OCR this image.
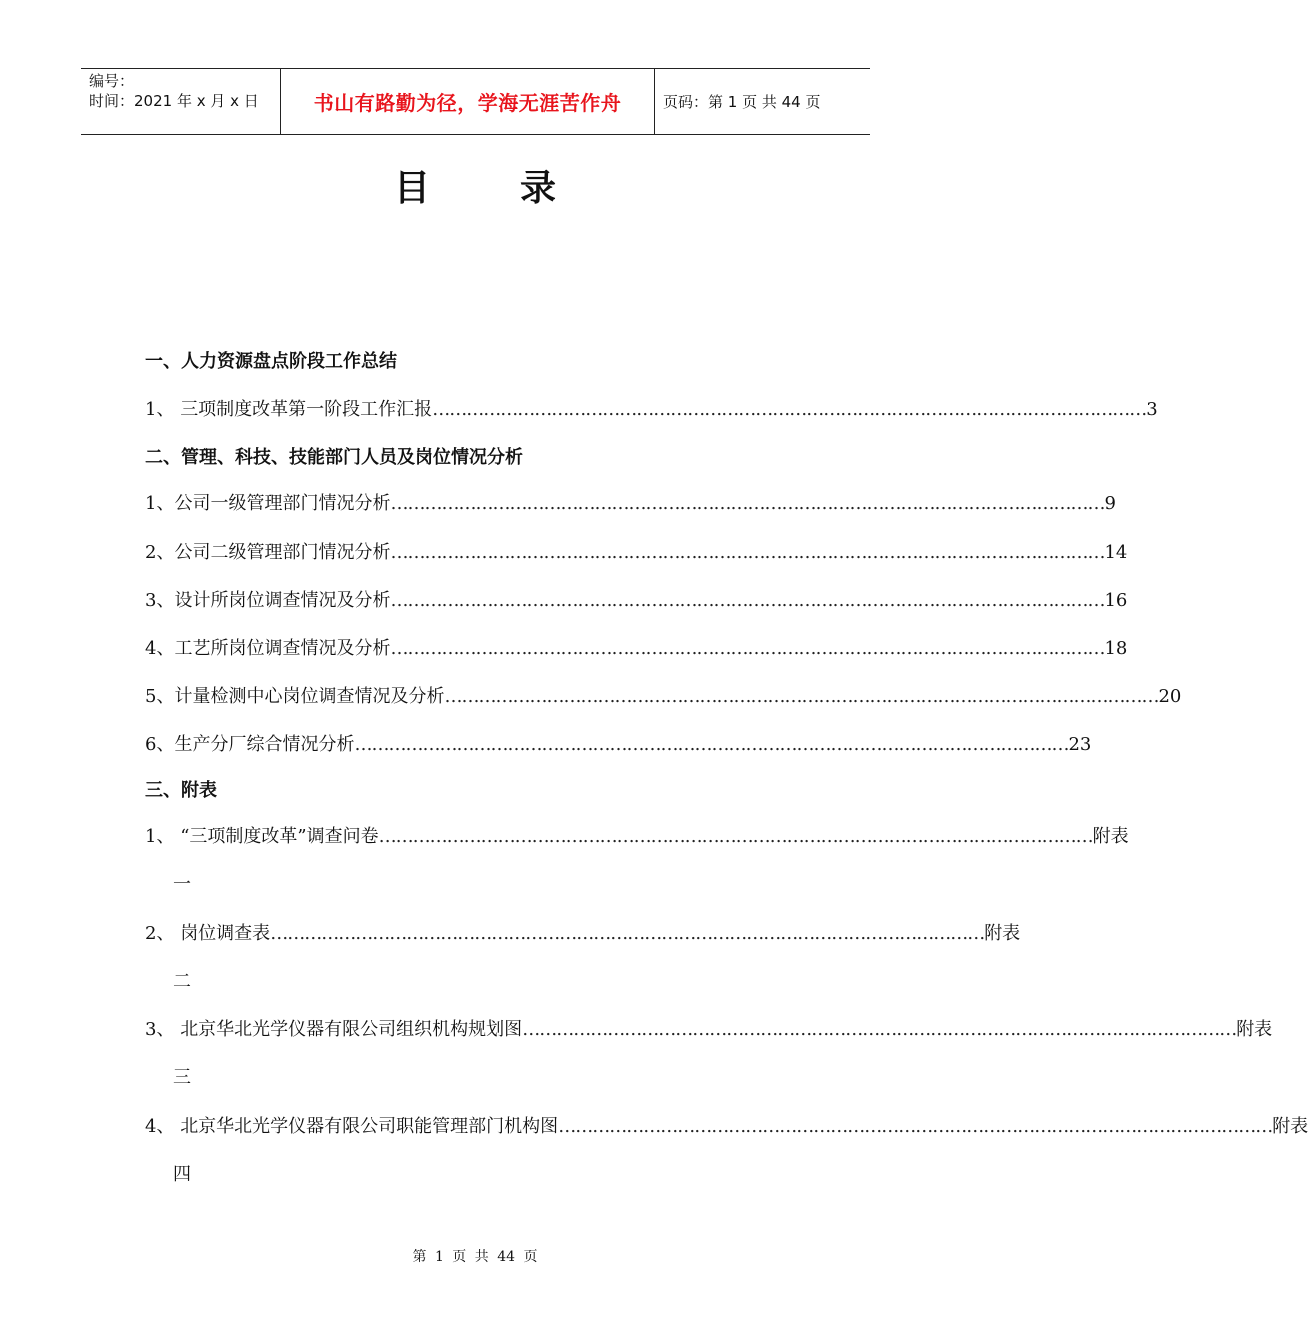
编号：
时间：2021 年 x 月 x 日	书山有路勤为径，学海无涯苦作舟	页码：第 1 页 共 44 页
目录
一、人力资源盘点阶段工作总结
1、 三项制度改革第一阶段工作汇报 ……………………………………………………………………………………………………………… 3
二、管理、科技、技能部门人员及岗位情况分析
1、 公司一级管理部门情况分析 ……………………………………………………………………………………………………………… 9
2、 公司二级管理部门情况分析 ……………………………………………………………………………………………………………… 14
3、 设计所岗位调查情况及分析 ……………………………………………………………………………………………………………… 16
4、 工艺所岗位调查情况及分析 ……………………………………………………………………………………………………………… 18
5、 计量检测中心岗位调查情况及分析 ……………………………………………………………………………………………………………… 20
6、 生产分厂综合情况分析 ……………………………………………………………………………………………………………… 23
三、附表
1、 “三项制度改革”调查问卷 ……………………………………………………………………………………………………………… 附表
一
2、 岗位调查表 ……………………………………………………………………………………………………………… 附表
二
3、 北京华北光学仪器有限公司组织机构规划图 ……………………………………………………………………………………………………………… 附表
三
4、 北京华北光学仪器有限公司职能管理部门机构图 ……………………………………………………………………………………………………………… 附表
四
第 1 页 共 44 页
